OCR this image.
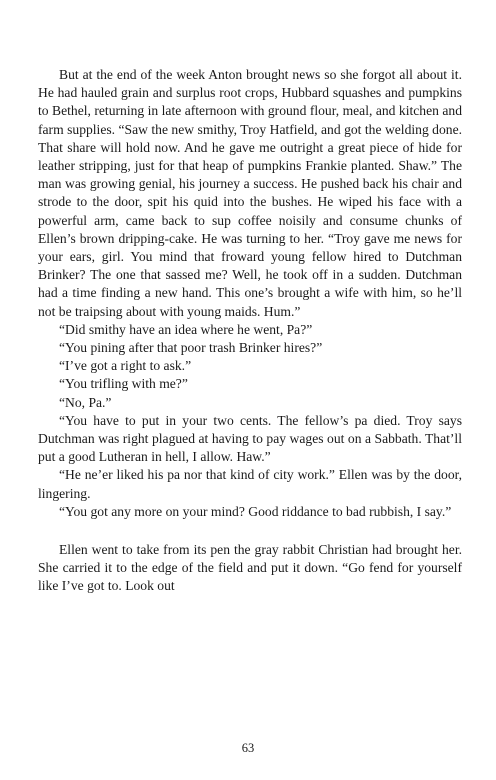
But at the end of the week Anton brought news so she forgot all about it. He had hauled grain and surplus root crops, Hubbard squashes and pumpkins to Bethel, returning in late afternoon with ground flour, meal, and kitchen and farm supplies. “Saw the new smithy, Troy Hatfield, and got the welding done. That share will hold now. And he gave me outright a great piece of hide for leather stripping, just for that heap of pumpkins Frankie planted. Shaw.” The man was growing genial, his journey a success. He pushed back his chair and strode to the door, spit his quid into the bushes. He wiped his face with a powerful arm, came back to sup coffee noisily and consume chunks of Ellen’s brown dripping-cake. He was turning to her. “Troy gave me news for your ears, girl. You mind that froward young fellow hired to Dutchman Brinker? The one that sassed me? Well, he took off in a sudden. Dutchman had a time finding a new hand. This one’s brought a wife with him, so he’ll not be traipsing about with young maids. Hum.”

“Did smithy have an idea where he went, Pa?”

“You pining after that poor trash Brinker hires?”

“I’ve got a right to ask.”

“You trifling with me?”

“No, Pa.”

“You have to put in your two cents. The fellow’s pa died. Troy says Dutchman was right plagued at having to pay wages out on a Sabbath. That’ll put a good Lutheran in hell, I allow. Haw.”

“He ne’er liked his pa nor that kind of city work.” Ellen was by the door, lingering.

“You got any more on your mind? Good riddance to bad rubbish, I say.”

Ellen went to take from its pen the gray rabbit Christian had brought her. She carried it to the edge of the field and put it down. “Go fend for yourself like I’ve got to. Look out

63
